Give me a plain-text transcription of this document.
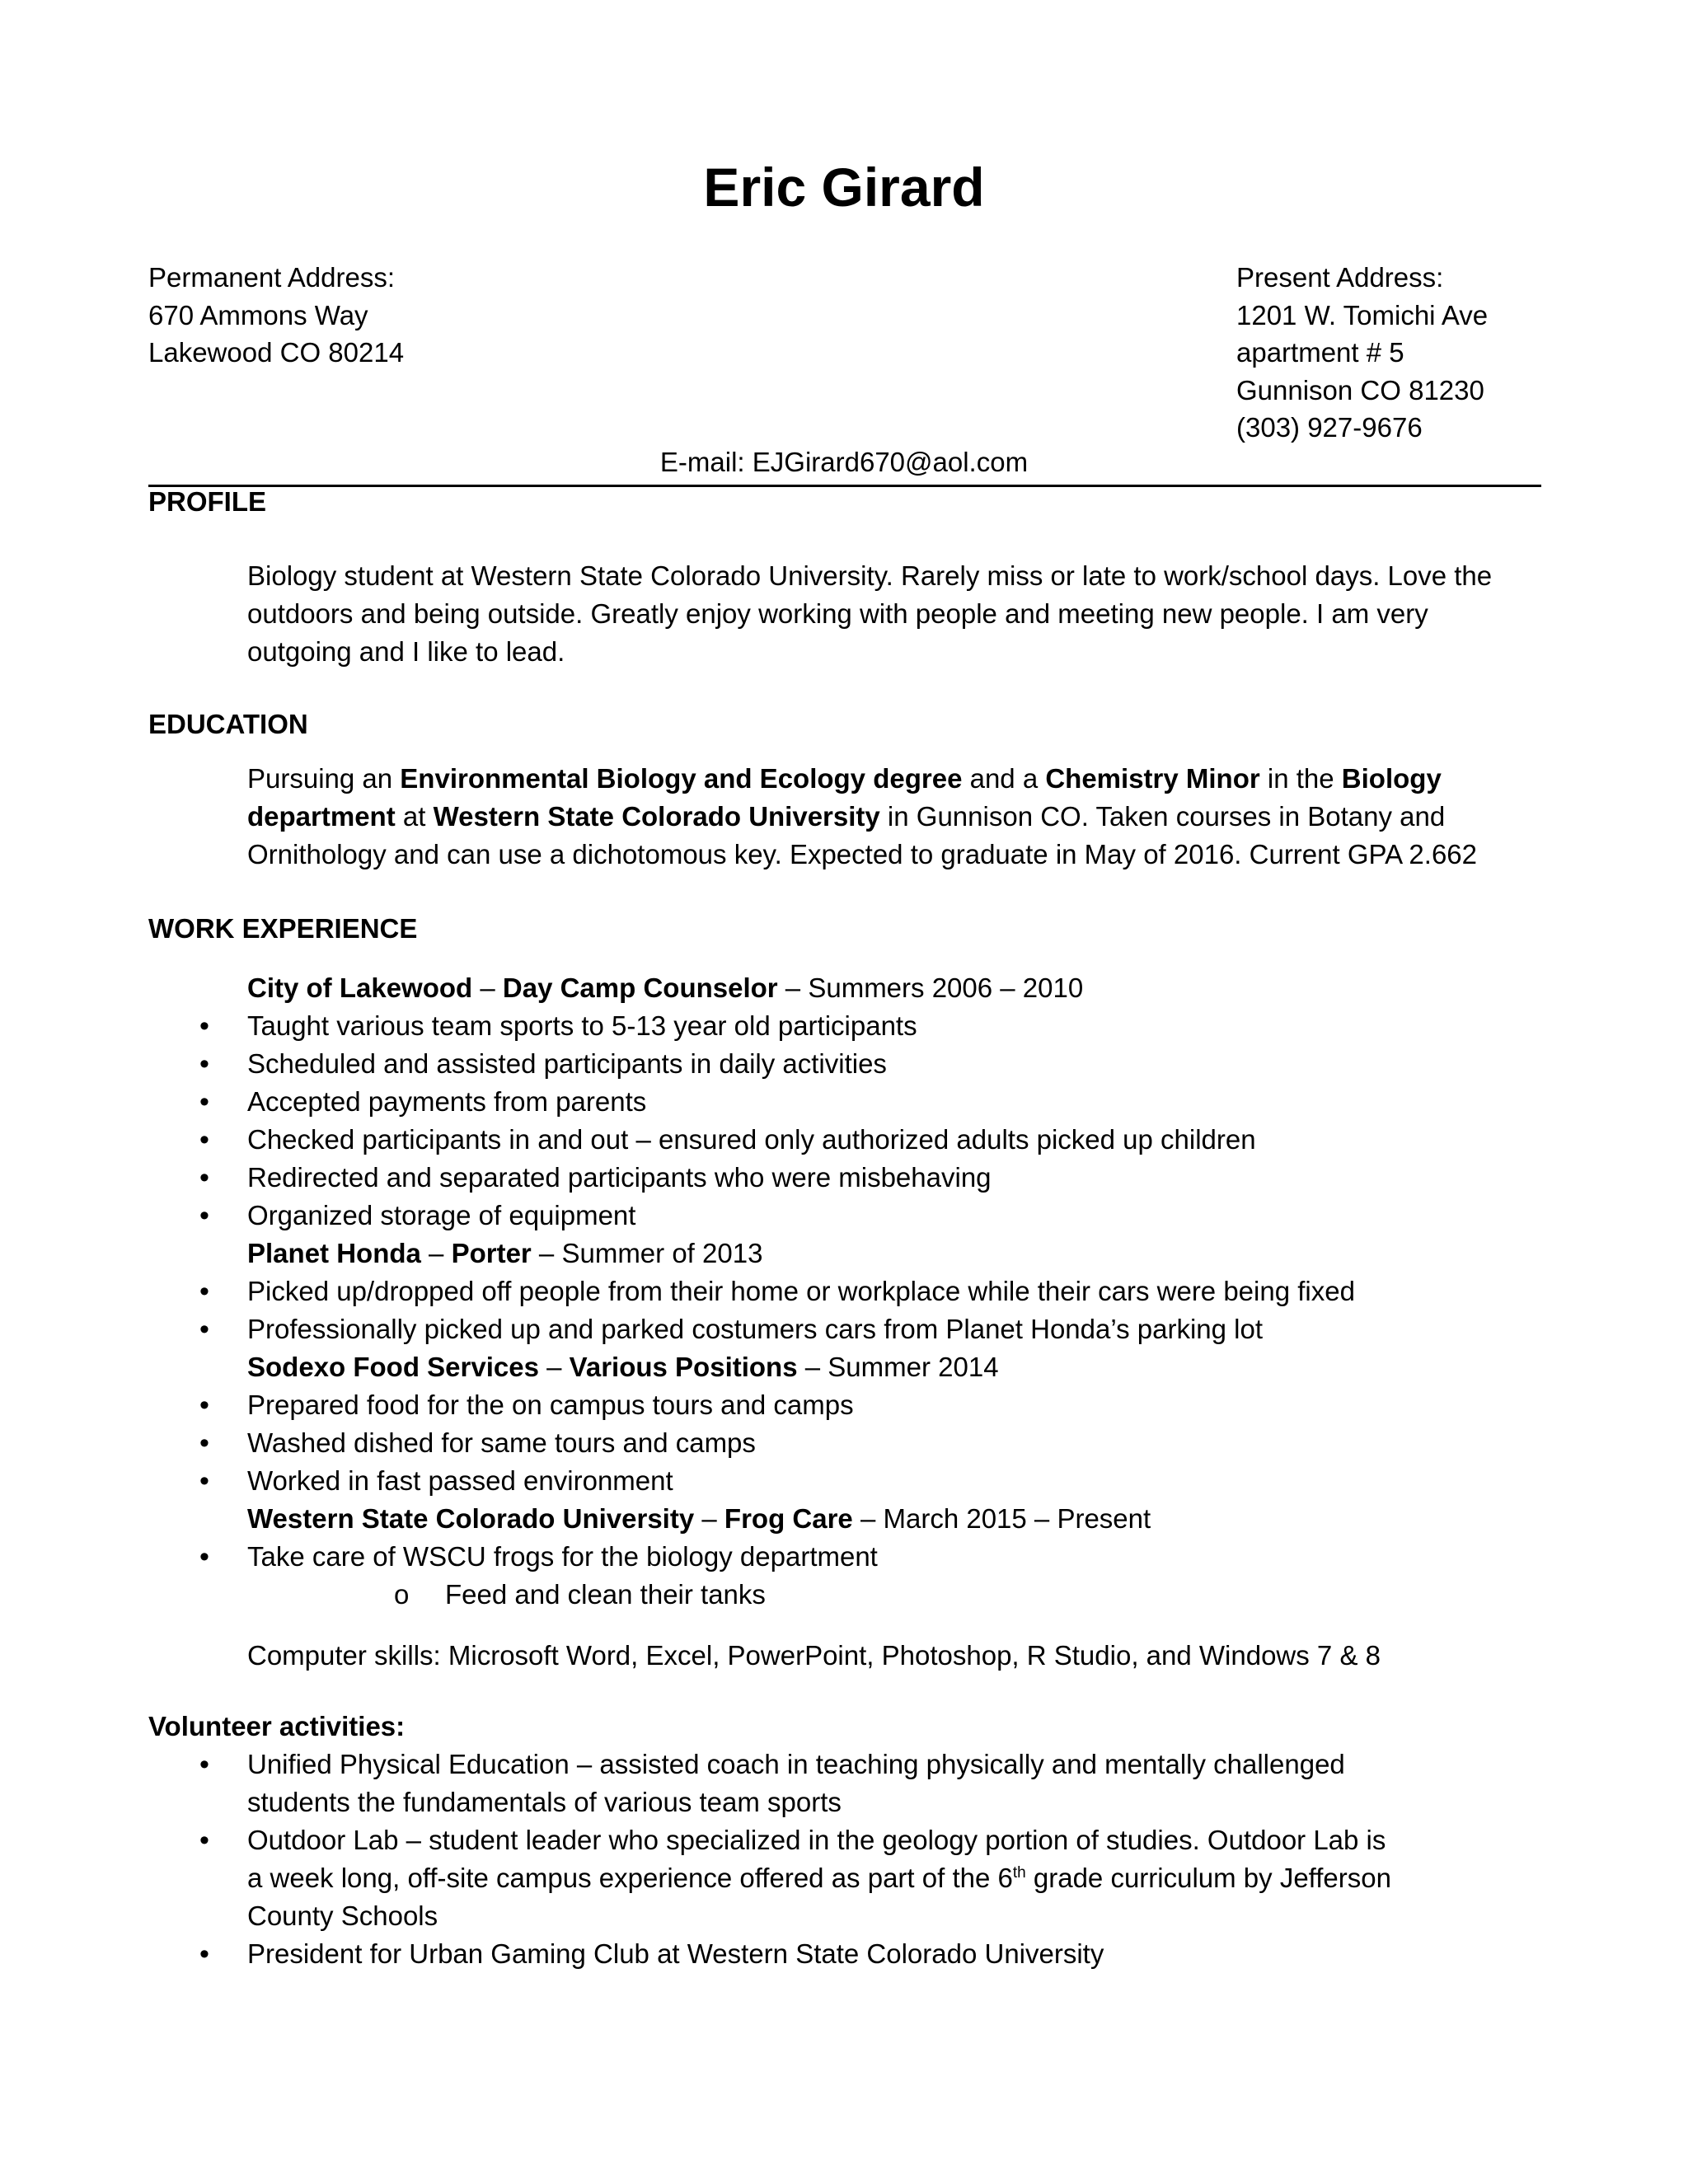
Eric Girard
Permanent Address:
670 Ammons Way
Lakewood CO 80214
Present Address:
1201 W. Tomichi Ave
apartment # 5
Gunnison CO 81230
(303) 927-9676
E-mail: EJGirard670@aol.com
PROFILE
Biology student at Western State Colorado University. Rarely miss or late to work/school days. Love the
outdoors and being outside. Greatly enjoy working with people and meeting new people. I am very
outgoing and I like to lead.
EDUCATION
Pursuing an Environmental Biology and Ecology degree and a Chemistry Minor in the Biology
department at Western State Colorado University in Gunnison CO. Taken courses in Botany and
Ornithology and can use a dichotomous key. Expected to graduate in May of 2016. Current GPA 2.662
WORK EXPERIENCE
City of Lakewood – Day Camp Counselor – Summers 2006 – 2010
• Taught various team sports to 5-13 year old participants
• Scheduled and assisted participants in daily activities
• Accepted payments from parents
• Checked participants in and out – ensured only authorized adults picked up children
• Redirected and separated participants who were misbehaving
• Organized storage of equipment
Planet Honda – Porter – Summer of 2013
• Picked up/dropped off people from their home or workplace while their cars were being fixed
• Professionally picked up and parked costumers cars from Planet Honda’s parking lot
Sodexo Food Services – Various Positions – Summer 2014
• Prepared food for the on campus tours and camps
• Washed dished for same tours and camps
• Worked in fast passed environment
Western State Colorado University – Frog Care – March 2015 – Present
• Take care of WSCU frogs for the biology department
o Feed and clean their tanks
Computer skills: Microsoft Word, Excel, PowerPoint, Photoshop, R Studio, and Windows 7 & 8
Volunteer activities:
• Unified Physical Education – assisted coach in teaching physically and mentally challenged
students the fundamentals of various team sports
• Outdoor Lab – student leader who specialized in the geology portion of studies. Outdoor Lab is
a week long, off-site campus experience offered as part of the 6th grade curriculum by Jefferson
County Schools
• President for Urban Gaming Club at Western State Colorado University
